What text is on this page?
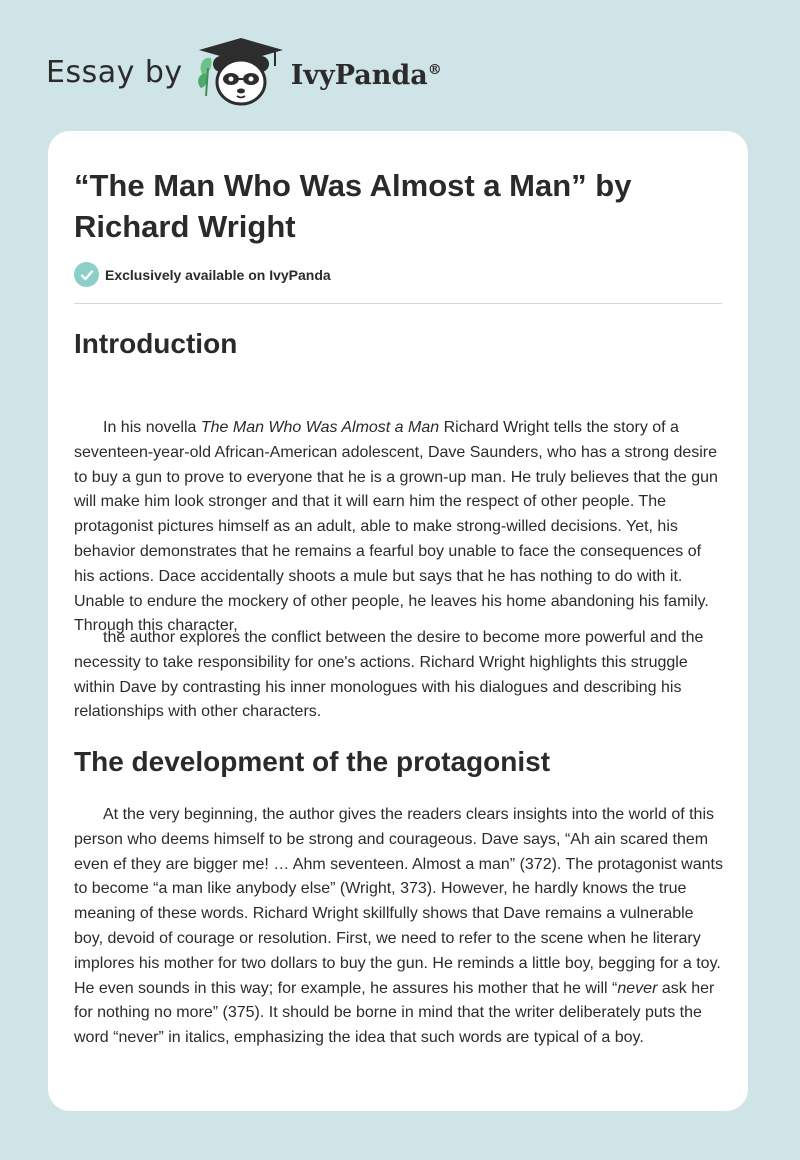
Essay by	IvyPanda®
“The Man Who Was Almost a Man” by Richard Wright
Exclusively available on IvyPanda
Introduction

In his novella The Man Who Was Almost a Man Richard Wright tells the story of a seventeen-year-old African-American adolescent, Dave Saunders, who has a strong desire to buy a gun to prove to everyone that he is a grown-up man. He truly believes that the gun will make him look stronger and that it will earn him the respect of other people. The protagonist pictures himself as an adult, able to make strong-willed decisions. Yet, his behavior demonstrates that he remains a fearful boy unable to face the consequences of his actions. Dace accidentally shoots a mule but says that he has nothing to do with it. Unable to endure the mockery of other people, he leaves his home abandoning his family. Through this character,

the author explores the conflict between the desire to become more powerful and the necessity to take responsibility for one's actions. Richard Wright highlights this struggle within Dave by contrasting his inner monologues with his dialogues and describing his relationships with other characters.

The development of the protagonist

At the very beginning, the author gives the readers clears insights into the world of this person who deems himself to be strong and courageous. Dave says, “Ah ain scared them even ef they are bigger me! … Ahm seventeen. Almost a man” (372). The protagonist wants to become “a man like anybody else” (Wright, 373). However, he hardly knows the true meaning of these words. Richard Wright skillfully shows that Dave remains a vulnerable boy, devoid of courage or resolution. First, we need to refer to the scene when he literary implores his mother for two dollars to buy the gun. He reminds a little boy, begging for a toy. He even sounds in this way; for example, he assures his mother that he will “never ask her for nothing no more” (375). It should be borne in mind that the writer deliberately puts the word “never” in italics, emphasizing the idea that such words are typical of a boy.
